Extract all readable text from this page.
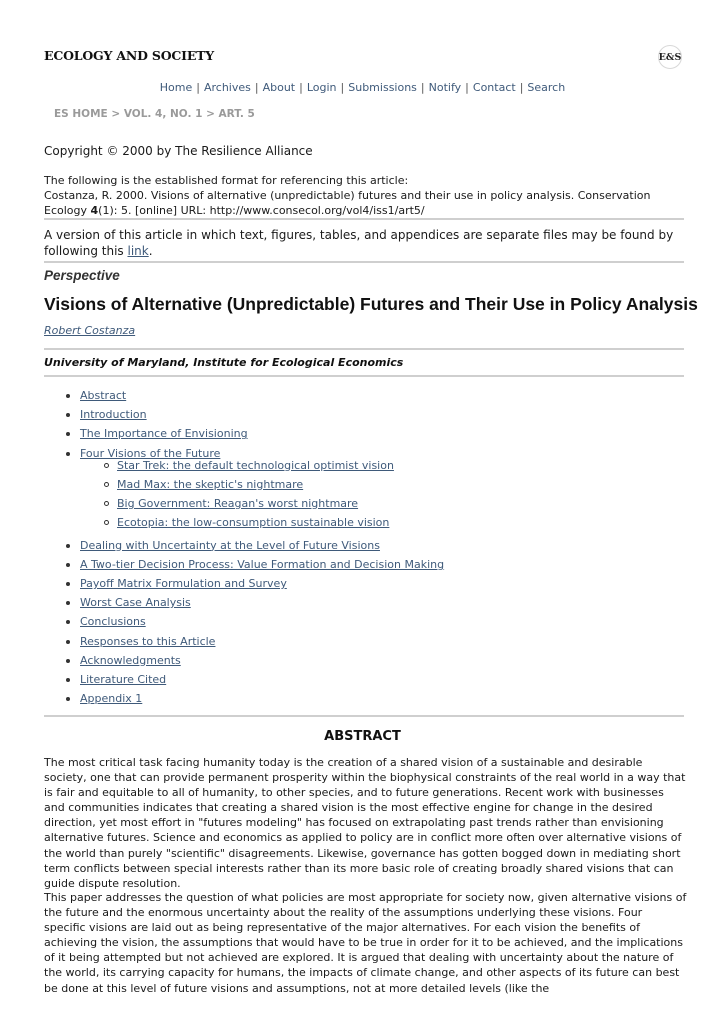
ECOLOGY AND SOCIETY	E&S
Home | Archives | About | Login | Submissions | Notify | Contact | Search
ES HOME > VOL. 4, NO. 1 > ART. 5
Copyright © 2000 by The Resilience Alliance
The following is the established format for referencing this article:
Costanza, R. 2000. Visions of alternative (unpredictable) futures and their use in policy analysis. Conservation Ecology 4(1): 5. [online] URL: http://www.consecol.org/vol4/iss1/art5/
A version of this article in which text, figures, tables, and appendices are separate files may be found by following this link.
Perspective
Visions of Alternative (Unpredictable) Futures and Their Use in Policy Analysis
Robert Costanza
University of Maryland, Institute for Ecological Economics
Abstract
Introduction
The Importance of Envisioning
Four Visions of the Future
Star Trek: the default technological optimist vision
Mad Max: the skeptic's nightmare
Big Government: Reagan's worst nightmare
Ecotopia: the low-consumption sustainable vision
Dealing with Uncertainty at the Level of Future Visions
A Two-tier Decision Process: Value Formation and Decision Making
Payoff Matrix Formulation and Survey
Worst Case Analysis
Conclusions
Responses to this Article
Acknowledgments
Literature Cited
Appendix 1
ABSTRACT

The most critical task facing humanity today is the creation of a shared vision of a sustainable and desirable society, one that can provide permanent prosperity within the biophysical constraints of the real world in a way that is fair and equitable to all of humanity, to other species, and to future generations. Recent work with businesses and communities indicates that creating a shared vision is the most effective engine for change in the desired direction, yet most effort in "futures modeling" has focused on extrapolating past trends rather than envisioning alternative futures. Science and economics as applied to policy are in conflict more often over alternative visions of the world than purely "scientific" disagreements. Likewise, governance has gotten bogged down in mediating short term conflicts between special interests rather than its more basic role of creating broadly shared visions that can guide dispute resolution.

This paper addresses the question of what policies are most appropriate for society now, given alternative visions of the future and the enormous uncertainty about the reality of the assumptions underlying these visions. Four specific visions are laid out as being representative of the major alternatives. For each vision the benefits of achieving the vision, the assumptions that would have to be true in order for it to be achieved, and the implications of it being attempted but not achieved are explored. It is argued that dealing with uncertainty about the nature of the world, its carrying capacity for humans, the impacts of climate change, and other aspects of its future can best be done at this level of future visions and assumptions, not at more detailed levels (like the
